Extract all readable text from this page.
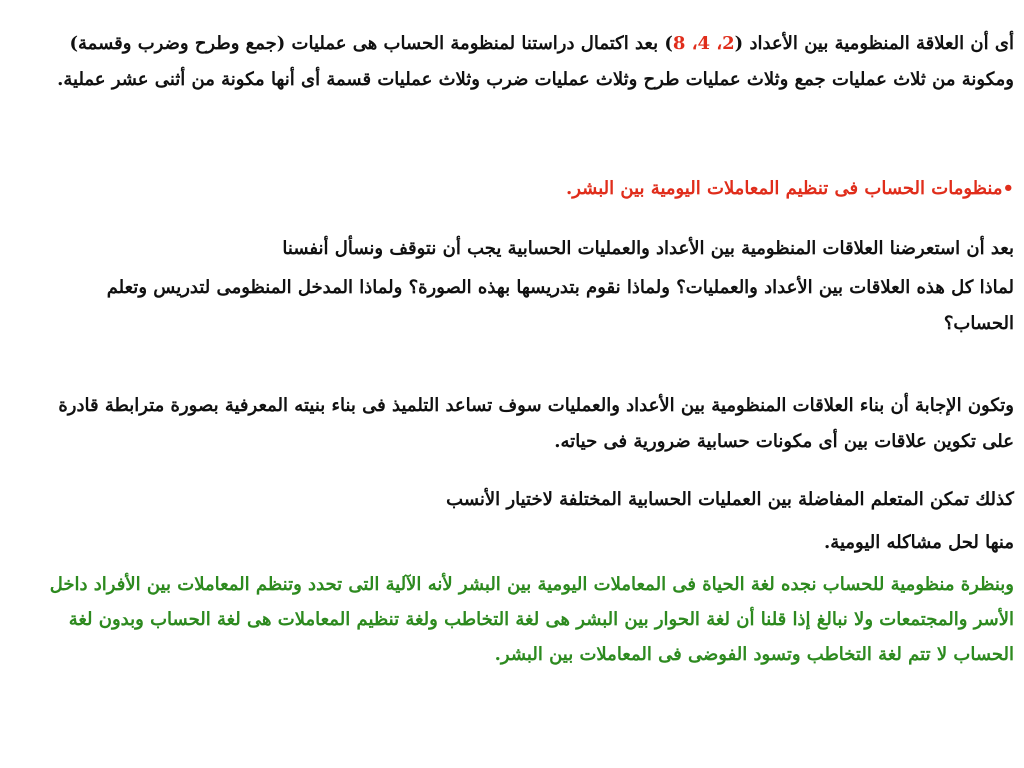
أى أن العلاقة المنظومية بين الأعداد (2، 4، 8) بعد اكتمال دراستنا لمنظومة الحساب هى عمليات (جمع وطرح وضرب وقسمة) ومكونة من ثلاث عمليات جمع وثلاث عمليات طرح وثلاث عمليات ضرب وثلاث عمليات قسمة أى أنها مكونة من أثنى عشر عملية.

•منظومات الحساب فى تنظيم المعاملات اليومية بين البشر.

بعد أن استعرضنا العلاقات المنظومية بين الأعداد والعمليات الحسابية يجب أن نتوقف ونسأل أنفسنا

لماذا كل هذه العلاقات بين الأعداد والعمليات؟ ولماذا نقوم بتدريسها بهذه الصورة؟ ولماذا المدخل المنظومى لتدريس وتعلم الحساب؟

وتكون الإجابة أن بناء العلاقات المنظومية بين الأعداد والعمليات سوف تساعد التلميذ فى بناء بنيته المعرفية بصورة مترابطة قادرة على تكوين علاقات بين أى مكونات حسابية ضرورية فى حياته.

كذلك تمكن المتعلم المفاضلة بين العمليات الحسابية المختلفة لاختيار الأنسب

منها لحل مشاكله اليومية.

وبنظرة منظومية للحساب نجده لغة الحياة فى المعاملات اليومية بين البشر لأنه الآلية التى تحدد وتنظم المعاملات بين الأفراد داخل الأسر والمجتمعات ولا نبالغ إذا قلنا أن لغة الحوار بين البشر هى لغة التخاطب ولغة تنظيم المعاملات هى لغة الحساب وبدون لغة الحساب لا تتم لغة التخاطب وتسود الفوضى فى المعاملات بين البشر.
